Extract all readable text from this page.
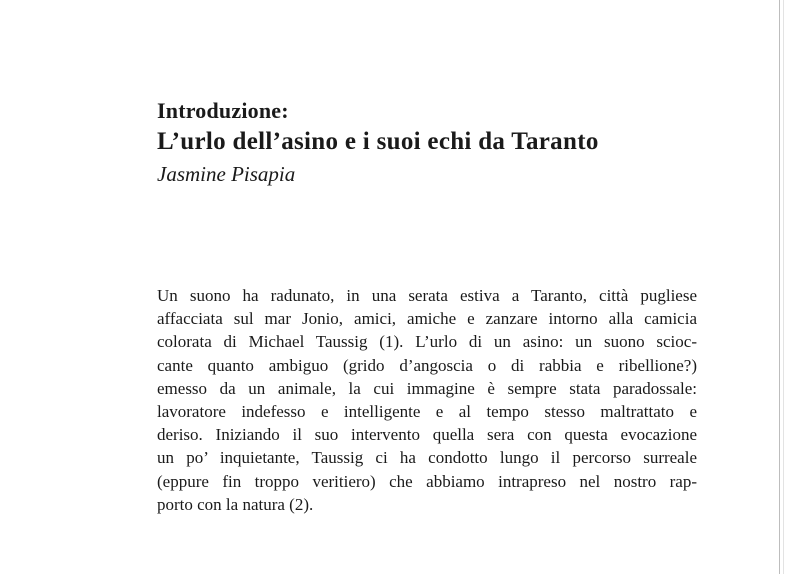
Introduzione:

L’urlo dell’asino e i suoi echi da Taranto

Jasmine Pisapia

Un suono ha radunato, in una serata estiva a Taranto, città pugliese
affacciata sul mar Jonio, amici, amiche e zanzare intorno alla camicia
colorata di Michael Taussig (1). L’urlo di un asino: un suono scioc-
cante quanto ambiguo (grido d’angoscia o di rabbia e ribellione?)
emesso da un animale, la cui immagine è sempre stata paradossale:
lavoratore indefesso e intelligente e al tempo stesso maltrattato e
deriso. Iniziando il suo intervento quella sera con questa evocazione
un po’ inquietante, Taussig ci ha condotto lungo il percorso surreale
(eppure fin troppo veritiero) che abbiamo intrapreso nel nostro rap-
porto con la natura (2).
